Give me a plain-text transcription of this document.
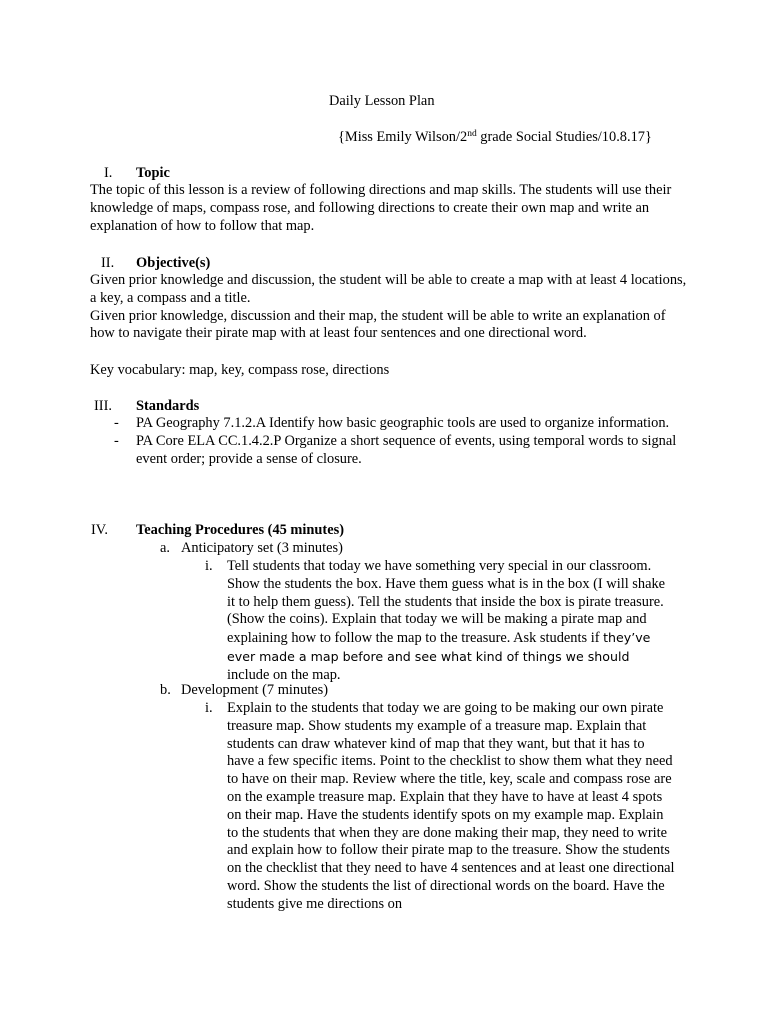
Daily Lesson Plan
{Miss Emily Wilson/2nd grade Social Studies/10.8.17}
I. Topic

The topic of this lesson is a review of following directions and map skills. The students will use their knowledge of maps, compass rose, and following directions to create their own map and write an explanation of how to follow that map.

II. Objective(s)

Given prior knowledge and discussion, the student will be able to create a map with at least 4 locations, a key, a compass and a title.

Given prior knowledge, discussion and their map, the student will be able to write an explanation of how to navigate their pirate map with at least four sentences and one directional word.

Key vocabulary: map, key, compass rose, directions

III. Standards
- PA Geography 7.1.2.A Identify how basic geographic tools are used to organize information.
- PA Core ELA CC.1.4.2.P Organize a short sequence of events, using temporal words to signal event order; provide a sense of closure.
IV. Teaching Procedures (45 minutes)
a. Anticipatory set (3 minutes)
i. Tell students that today we have something very special in our classroom. Show the students the box. Have them guess what is in the box (I will shake it to help them guess). Tell the students that inside the box is pirate treasure. (Show the coins). Explain that today we will be making a pirate map and explaining how to follow the map to the treasure. Ask students if they’ve ever made a map before and see what kind of things we should include on the map.
b. Development (7 minutes)
i. Explain to the students that today we are going to be making our own pirate treasure map. Show students my example of a treasure map. Explain that students can draw whatever kind of map that they want, but that it has to have a few specific items. Point to the checklist to show them what they need to have on their map. Review where the title, key, scale and compass rose are on the example treasure map. Explain that they have to have at least 4 spots on their map. Have the students identify spots on my example map. Explain to the students that when they are done making their map, they need to write and explain how to follow their pirate map to the treasure. Show the students on the checklist that they need to have 4 sentences and at least one directional word. Show the students the list of directional words on the board. Have the students give me directions on
